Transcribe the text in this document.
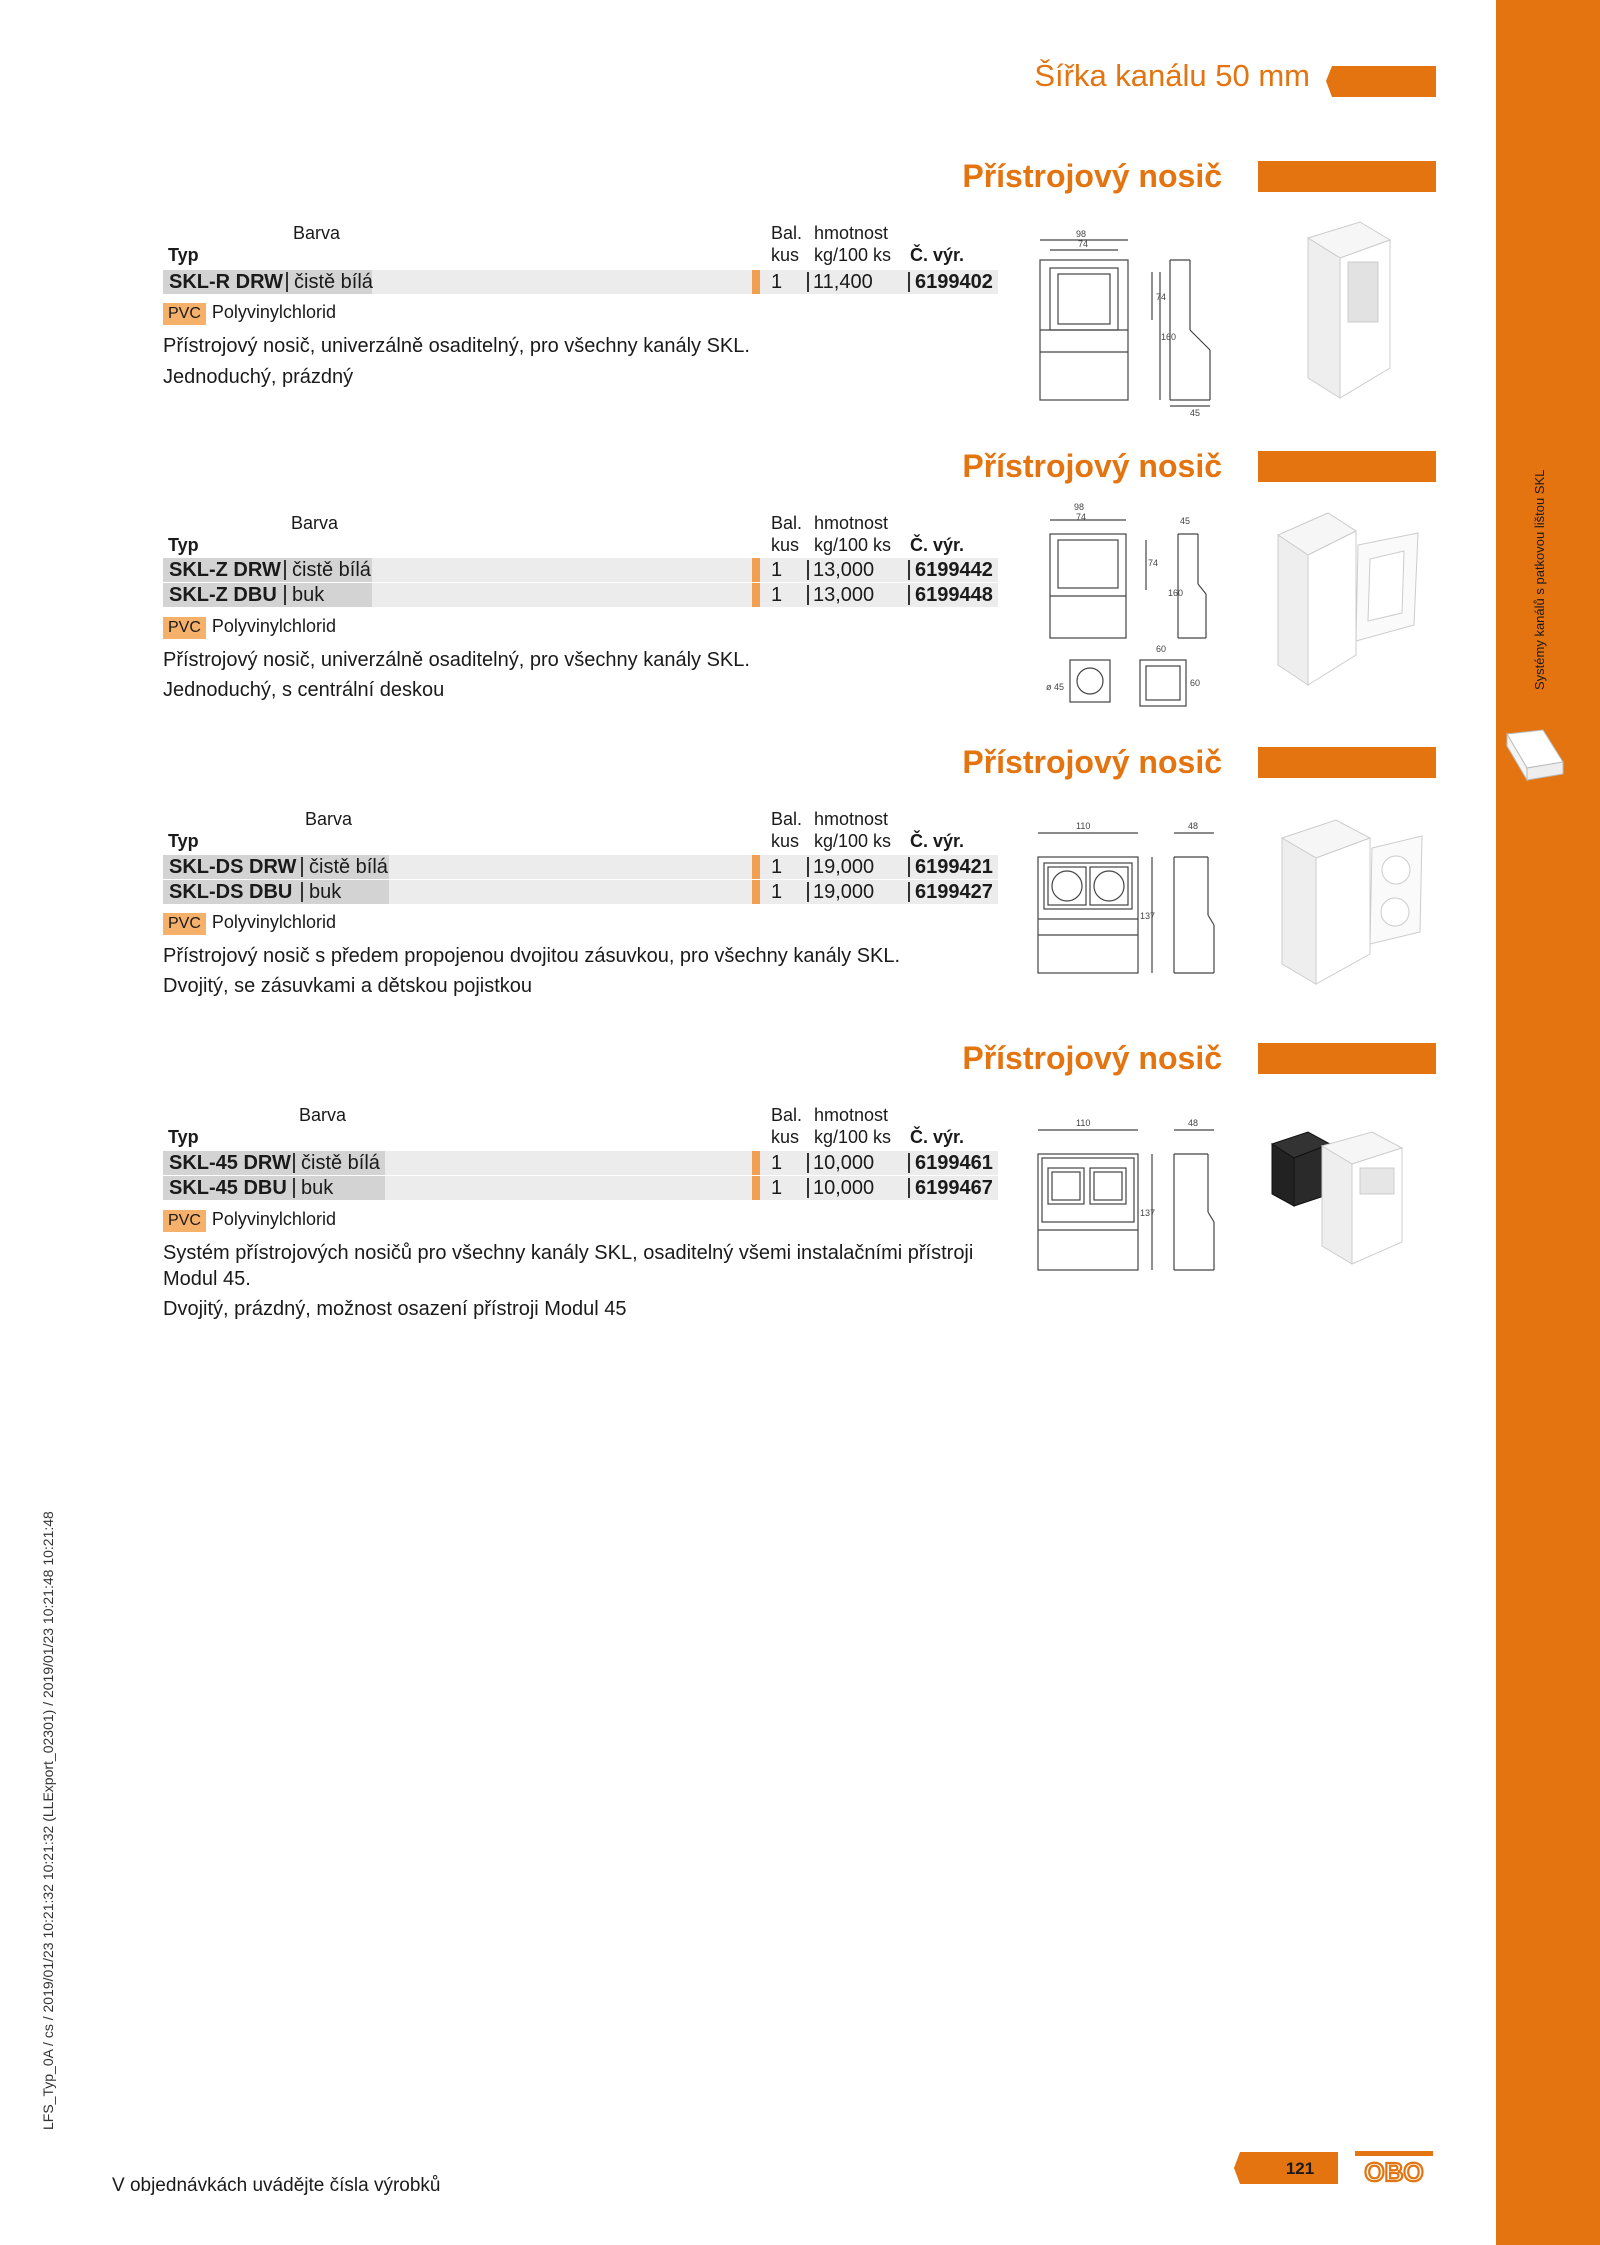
Šířka kanálu 50 mm
Přístrojový nosič
Barva
Typ
Bal.
kus
hmotnost
kg/100 ks Č. výr.
SKL-R DRW čistě bílá	1 11,400 6199402
PVC Polyvinylchlorid
Přístrojový nosič, univerzálně osaditelný, pro všechny kanály SKL.
Jednoduchý, prázdný
98
74
74
160
45
Přístrojový nosič
Barva
Typ
Bal.
kus
hmotnost
kg/100 ks Č. výr.
SKL-Z DRW čistě bílá	1 13,000 6199442
SKL-Z DBU buk	1 13,000 6199448
PVC Polyvinylchlorid
Přístrojový nosič, univerzálně osaditelný, pro všechny kanály SKL.
Jednoduchý, s centrální deskou
98
74
74
45
160
60
60
ø 45
Přístrojový nosič
Barva
Typ
Bal.
kus
hmotnost
kg/100 ks Č. výr.
SKL-DS DRW čistě bílá	1 19,000 6199421
SKL-DS DBU buk	1 19,000 6199427
PVC Polyvinylchlorid
Přístrojový nosič s předem propojenou dvojitou zásuvkou, pro všechny kanály SKL.
Dvojitý, se zásuvkami a dětskou pojistkou
110	48
137
Přístrojový nosič
Barva
Typ
Bal.
kus
hmotnost
kg/100 ks Č. výr.
SKL-45 DRW čistě bílá	1 10,000 6199461
SKL-45 DBU buk	1 10,000 6199467
PVC Polyvinylchlorid
Systém přístrojových nosičů pro všechny kanály SKL, osaditelný všemi instalačními přístroji Modul 45.
Dvojitý, prázdný, možnost osazení přístroji Modul 45
110	48
137
LFS_Typ_0A / cs / 2019/01/23 10:21:32 10:21:32 (LLExport_02301) / 2019/01/23 10:21:48 10:21:48
V objednávkách uvádějte čísla výrobků
121 OBO
